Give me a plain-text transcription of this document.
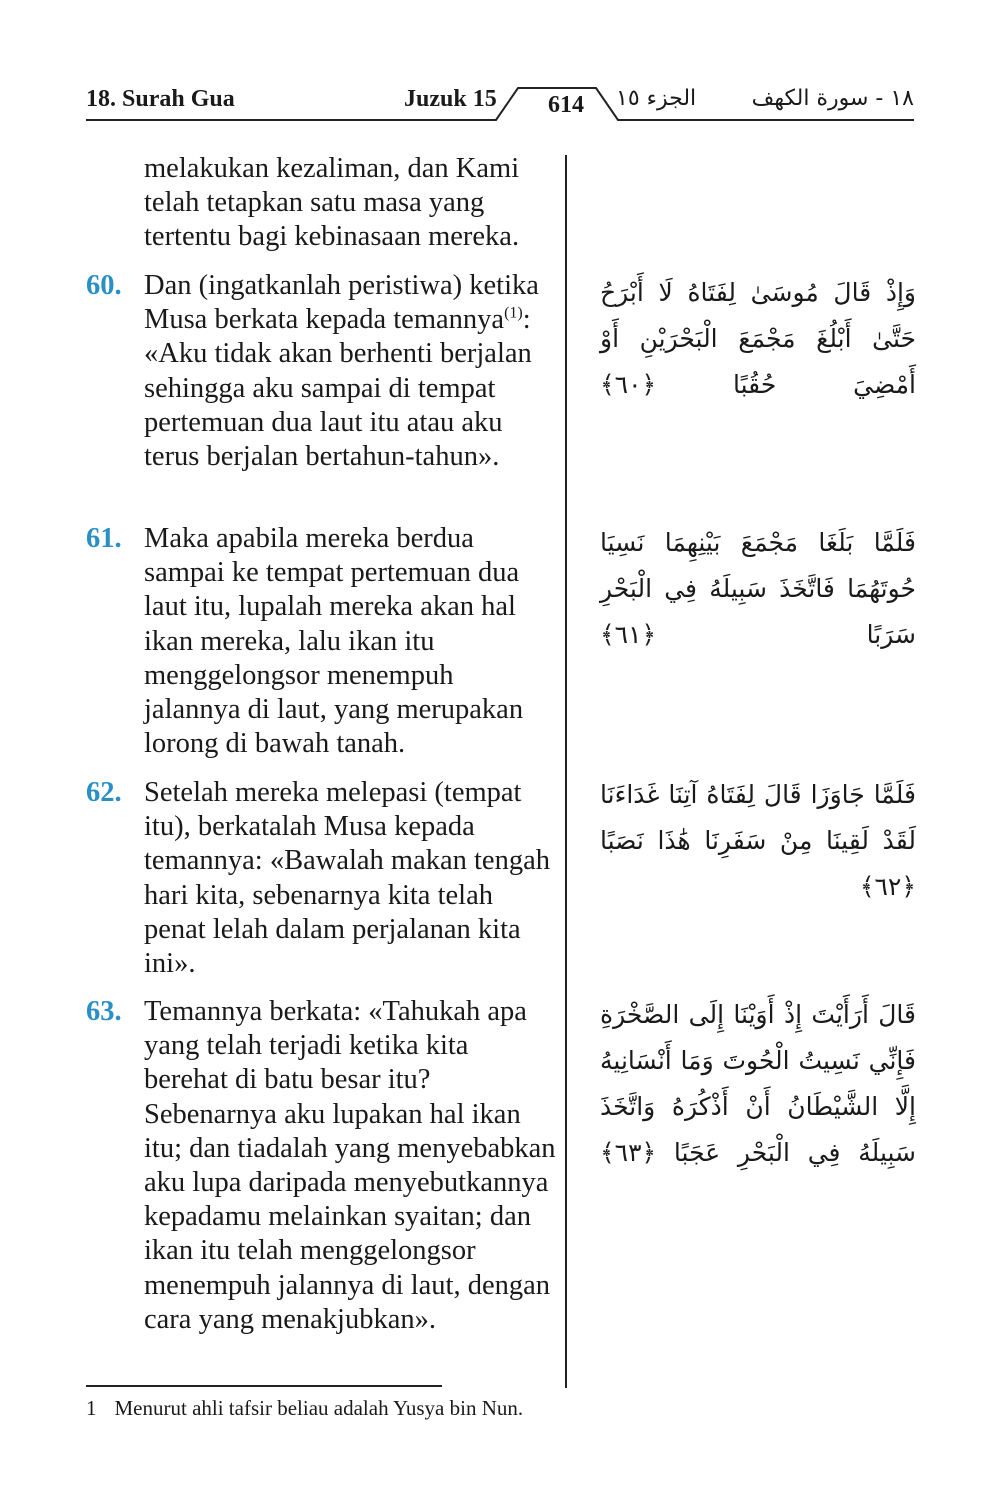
18. Surah Gua	Juzuk 15	614	الجزء ١٥	١٨ - سورة الكهف
melakukan kezaliman, dan Kami telah tetapkan satu masa yang tertentu bagi kebinasaan mereka.
60. Dan (ingatkanlah peristiwa) ketika Musa berkata kepada temannya$^{(1)}$: «Aku tidak akan berhenti berjalan sehingga aku sampai di tempat pertemuan dua laut itu atau aku terus berjalan bertahun-tahun».
وَإِذْ قَالَ مُوسَىٰ لِفَتَاهُ لَا أَبْرَحُ حَتَّىٰ أَبْلُغَ مَجْمَعَ الْبَحْرَيْنِ أَوْ أَمْضِيَ حُقُبًا ﴿٦٠﴾
61. Maka apabila mereka berdua sampai ke tempat pertemuan dua laut itu, lupalah mereka akan hal ikan mereka, lalu ikan itu menggelongsor menempuh jalannya di laut, yang merupakan lorong di bawah tanah.
فَلَمَّا بَلَغَا مَجْمَعَ بَيْنِهِمَا نَسِيَا حُوتَهُمَا فَاتَّخَذَ سَبِيلَهُ فِي الْبَحْرِ سَرَبًا ﴿٦١﴾
62. Setelah mereka melepasi (tempat itu), berkatalah Musa kepada temannya: «Bawalah makan tengah hari kita, sebenarnya kita telah penat lelah dalam perjalanan kita ini».
فَلَمَّا جَاوَزَا قَالَ لِفَتَاهُ آتِنَا غَدَاءَنَا لَقَدْ لَقِينَا مِنْ سَفَرِنَا هَٰذَا نَصَبًا ﴿٦٢﴾
63. Temannya berkata: «Tahukah apa yang telah terjadi ketika kita berehat di batu besar itu? Sebenarnya aku lupakan hal ikan itu; dan tiadalah yang menyebabkan aku lupa daripada menyebutkannya kepadamu melainkan syaitan; dan ikan itu telah menggelongsor menempuh jalannya di laut, dengan cara yang menakjubkan».
قَالَ أَرَأَيْتَ إِذْ أَوَيْنَا إِلَى الصَّخْرَةِ فَإِنِّي نَسِيتُ الْحُوتَ وَمَا أَنْسَانِيهُ إِلَّا الشَّيْطَانُ أَنْ أَذْكُرَهُ وَاتَّخَذَ سَبِيلَهُ فِي الْبَحْرِ عَجَبًا ﴿٦٣﴾
1 Menurut ahli tafsir beliau adalah Yusya bin Nun.
